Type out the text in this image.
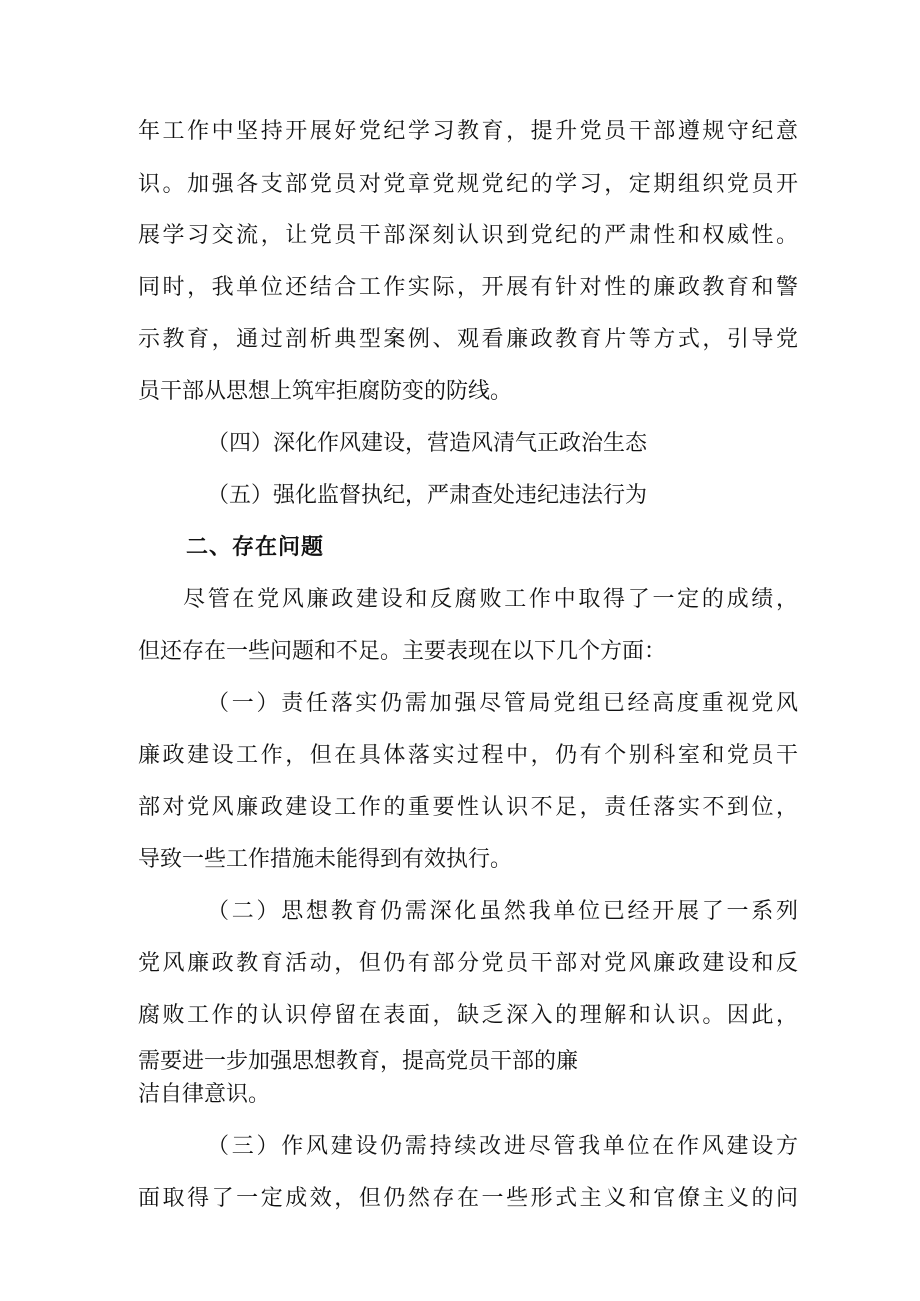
年工作中坚持开展好党纪学习教育，提升党员干部遵规守纪意
识。加强各支部党员对党章党规党纪的学习，定期组织党员开
展学习交流，让党员干部深刻认识到党纪的严肃性和权威性。
同时，我单位还结合工作实际，开展有针对性的廉政教育和警
示教育，通过剖析典型案例、观看廉政教育片等方式，引导党
员干部从思想上筑牢拒腐防变的防线。
（四）深化作风建设，营造风清气正政治生态
（五）强化监督执纪，严肃查处违纪违法行为
二、存在问题
尽管在党风廉政建设和反腐败工作中取得了一定的成绩，
但还存在一些问题和不足。主要表现在以下几个方面：
（一）责任落实仍需加强尽管局党组已经高度重视党风
廉政建设工作，但在具体落实过程中，仍有个别科室和党员干
部对党风廉政建设工作的重要性认识不足，责任落实不到位，
导致一些工作措施未能得到有效执行。
（二）思想教育仍需深化虽然我单位已经开展了一系列
党风廉政教育活动，但仍有部分党员干部对党风廉政建设和反
腐败工作的认识停留在表面，缺乏深入的理解和认识。因此，
需要进一步加强思想教育，提高党员干部的廉
洁自律意识。
（三）作风建设仍需持续改进尽管我单位在作风建设方
面取得了一定成效，但仍然存在一些形式主义和官僚主义的问
